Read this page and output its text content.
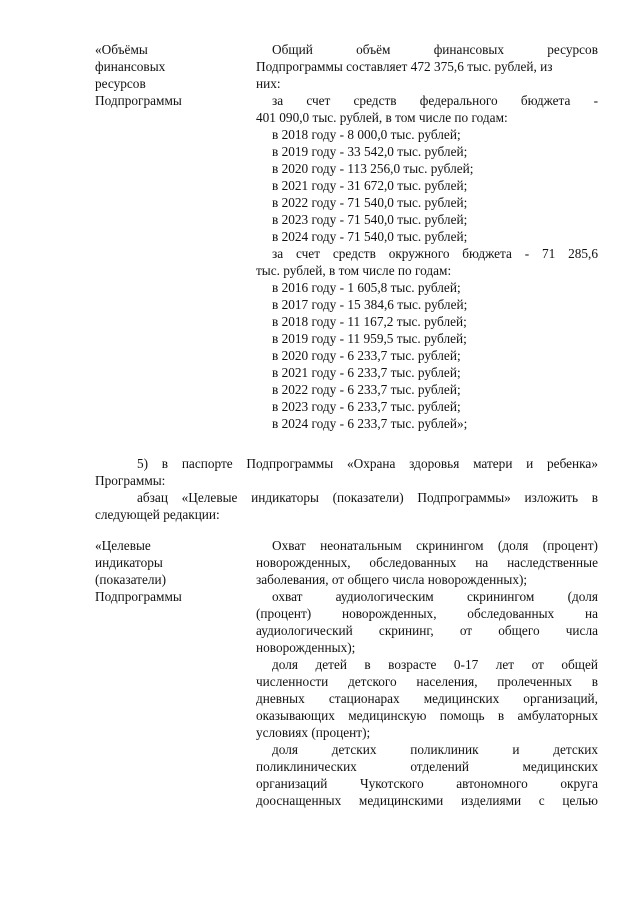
«Объёмы
финансовых
ресурсов
Подпрограммы
Общий объём финансовых ресурсов
Подпрограммы составляет 472 375,6 тыс. рублей, из
них:
за счет средств федерального бюджета -
401 090,0 тыс. рублей, в том числе по годам:
в 2018 году - 8 000,0 тыс. рублей;
в 2019 году - 33 542,0 тыс. рублей;
в 2020 году - 113 256,0 тыс. рублей;
в 2021 году - 31 672,0 тыс. рублей;
в 2022 году - 71 540,0 тыс. рублей;
в 2023 году - 71 540,0 тыс. рублей;
в 2024 году - 71 540,0 тыс. рублей;
за счет средств окружного бюджета - 71 285,6
тыс. рублей, в том числе по годам:
в 2016 году - 1 605,8 тыс. рублей;
в 2017 году - 15 384,6 тыс. рублей;
в 2018 году - 11 167,2 тыс. рублей;
в 2019 году - 11 959,5 тыс. рублей;
в 2020 году - 6 233,7 тыс. рублей;
в 2021 году - 6 233,7 тыс. рублей;
в 2022 году - 6 233,7 тыс. рублей;
в 2023 году - 6 233,7 тыс. рублей;
в 2024 году - 6 233,7 тыс. рублей»;
5) в паспорте Подпрограммы «Охрана здоровья матери и ребенка»
Программы:
абзац «Целевые индикаторы (показатели) Подпрограммы» изложить в
следующей редакции:
«Целевые
индикаторы
(показатели)
Подпрограммы
Охват неонатальным скринингом (доля (процент)
новорожденных, обследованных на наследственные
заболевания, от общего числа новорожденных);
охват аудиологическим скринингом (доля
(процент) новорожденных, обследованных на
аудиологический скрининг, от общего числа
новорожденных);
доля детей в возрасте 0-17 лет от общей
численности детского населения, пролеченных в
дневных стационарах медицинских организаций,
оказывающих медицинскую помощь в амбулаторных
условиях (процент);
доля детских поликлиник и детских
поликлинических отделений медицинских
организаций Чукотского автономного округа
дооснащенных медицинскими изделиями с целью
